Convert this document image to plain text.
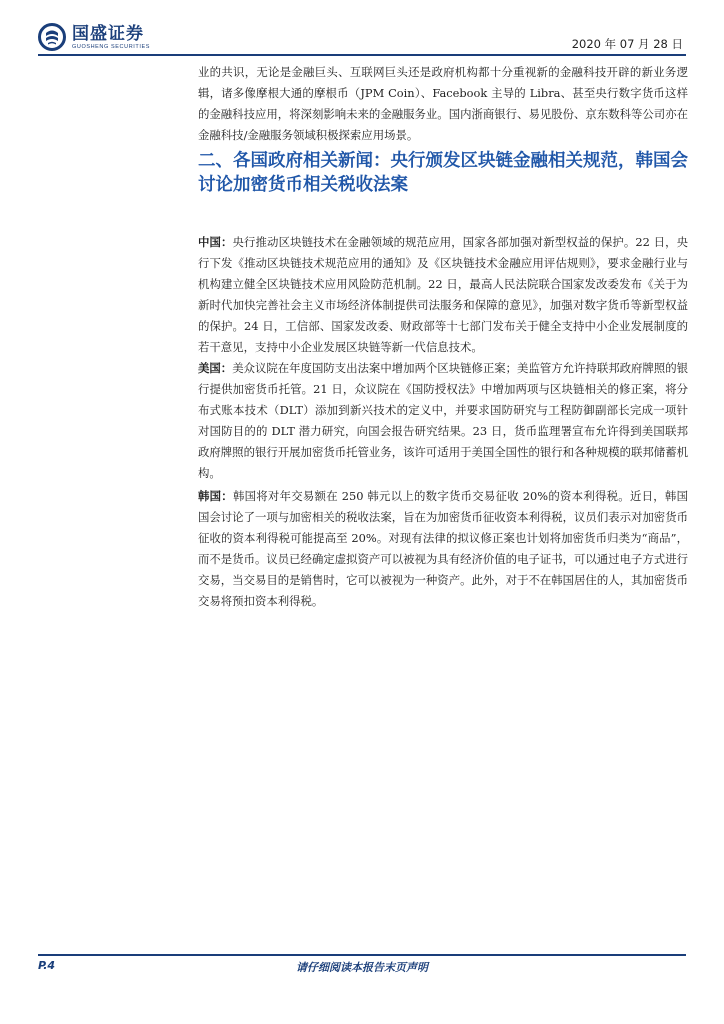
国盛证券
GUOSHENG SECURITIES	2020 年 07 月 28 日

业的共识，无论是金融巨头、互联网巨头还是政府机构都十分重视新的金融科技开辟的新业务逻辑，诸多像摩根大通的摩根币（JPM Coin）、Facebook 主导的 Libra、甚至央行数字货币这样的金融科技应用，将深刻影响未来的金融服务业。国内浙商银行、易见股份、京东数科等公司亦在金融科技/金融服务领域积极探索应用场景。

二、各国政府相关新闻：央行颁发区块链金融相关规范，韩国会讨论加密货币相关税收法案

中国：央行推动区块链技术在金融领域的规范应用，国家各部加强对新型权益的保护。22 日，央行下发《推动区块链技术规范应用的通知》及《区块链技术金融应用评估规则》，要求金融行业与机构建立健全区块链技术应用风险防范机制。22 日，最高人民法院联合国家发改委发布《关于为新时代加快完善社会主义市场经济体制提供司法服务和保障的意见》，加强对数字货币等新型权益的保护。24 日，工信部、国家发改委、财政部等十七部门发布关于健全支持中小企业发展制度的若干意见，支持中小企业发展区块链等新一代信息技术。

美国：美众议院在年度国防支出法案中增加两个区块链修正案；美监管方允许持联邦政府牌照的银行提供加密货币托管。21 日，众议院在《国防授权法》中增加两项与区块链相关的修正案，将分布式账本技术（DLT）添加到新兴技术的定义中，并要求国防研究与工程防御副部长完成一项针对国防目的的 DLT 潜力研究，向国会报告研究结果。23 日，货币监理署宣布允许得到美国联邦政府牌照的银行开展加密货币托管业务，该许可适用于美国全国性的银行和各种规模的联邦储蓄机构。

韩国：韩国将对年交易额在 250 韩元以上的数字货币交易征收 20%的资本利得税。近日，韩国国会讨论了一项与加密相关的税收法案，旨在为加密货币征收资本利得税，议员们表示对加密货币征收的资本利得税可能提高至 20%。对现有法律的拟议修正案也计划将加密货币归类为“商品”，而不是货币。议员已经确定虚拟资产可以被视为具有经济价值的电子证书，可以通过电子方式进行交易，当交易目的是销售时，它可以被视为一种资产。此外，对于不在韩国居住的人，其加密货币交易将预扣资本利得税。

P.4	请仔细阅读本报告末页声明
